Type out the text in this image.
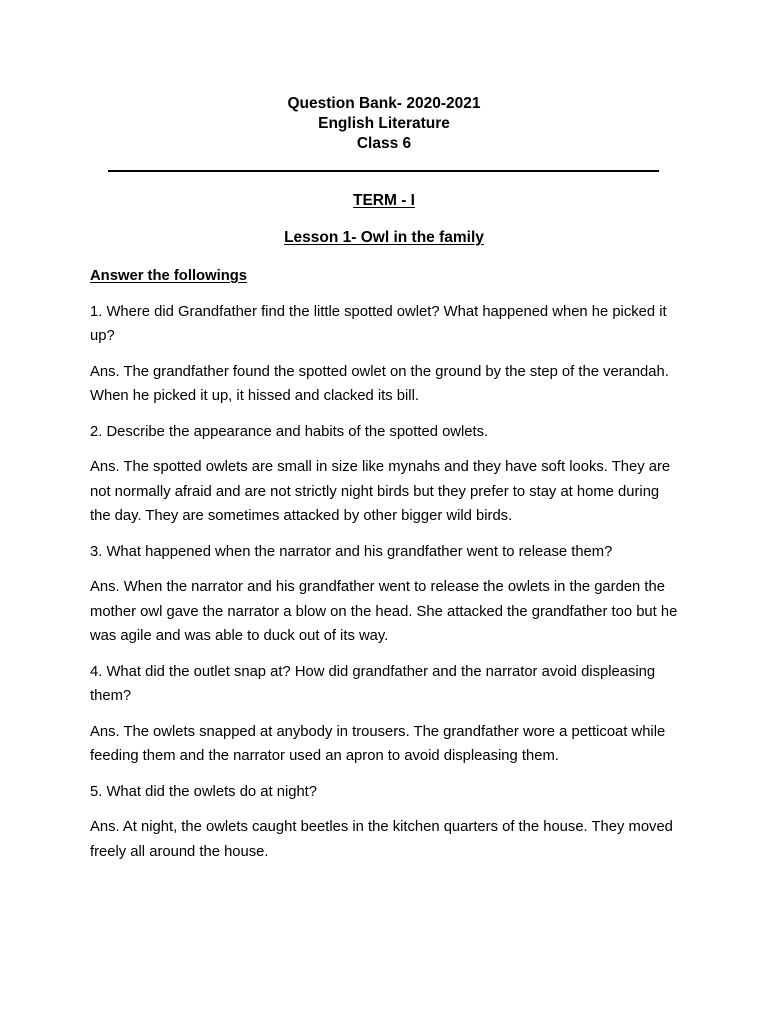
Question Bank- 2020-2021
English Literature
Class 6
TERM - I
Lesson 1- Owl in the family
Answer the followings
1. Where did Grandfather find the little spotted owlet? What happened when he picked it up?
Ans. The grandfather found the spotted owlet on the ground by the step of the verandah. When he picked it up, it hissed and clacked its bill.
2. Describe the appearance and habits of the spotted owlets.
Ans. The spotted owlets are small in size like mynahs and they have soft looks. They are not normally afraid and are not strictly night birds but they prefer to stay at home during the day. They are sometimes attacked by other bigger wild birds.
3. What happened when the narrator and his grandfather went to release them?
Ans. When the narrator and his grandfather went to release the owlets in the garden the mother owl gave the narrator a blow on the head. She attacked the grandfather too but he was agile and was able to duck out of its way.
4. What did the outlet snap at? How did grandfather and the narrator avoid displeasing them?
Ans. The owlets snapped at anybody in trousers. The grandfather wore a petticoat while feeding them and the narrator used an apron to avoid displeasing them.
5. What did the owlets do at night?
Ans. At night, the owlets caught beetles in the kitchen quarters of the house. They moved freely all around the house.
